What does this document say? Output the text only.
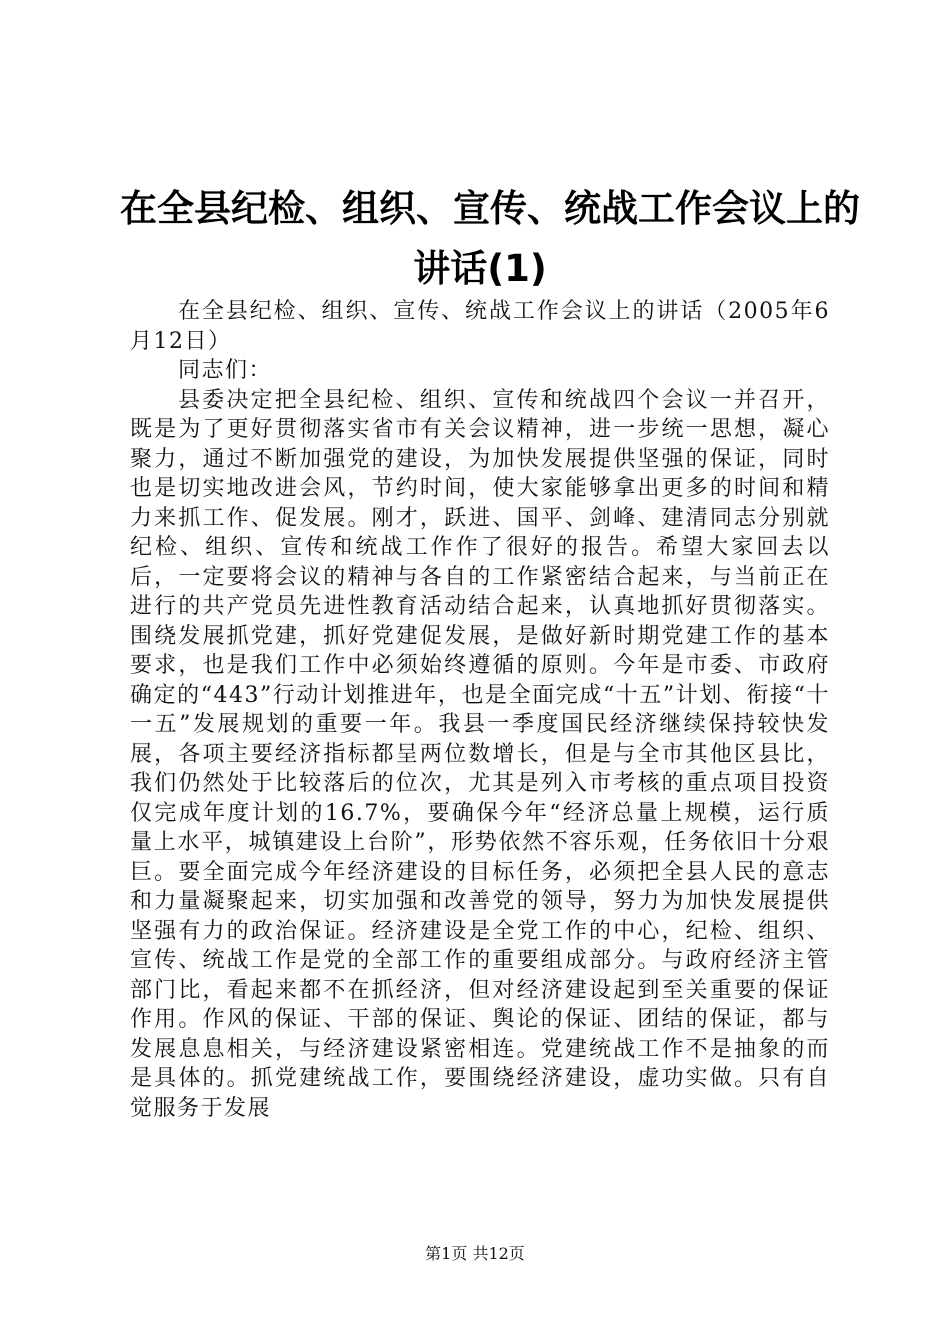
在全县纪检、组织、宣传、统战工作会议上的
讲话(1)

在全县纪检、组织、宣传、统战工作会议上的讲话（2005年6月12日）

同志们：

县委决定把全县纪检、组织、宣传和统战四个会议一并召开，既是为了更好贯彻落实省市有关会议精神，进一步统一思想，凝心聚力，通过不断加强党的建设，为加快发展提供坚强的保证，同时也是切实地改进会风，节约时间，使大家能够拿出更多的时间和精力来抓工作、促发展。刚才，跃进、国平、剑峰、建清同志分别就纪检、组织、宣传和统战工作作了很好的报告。希望大家回去以后，一定要将会议的精神与各自的工作紧密结合起来，与当前正在进行的共产党员先进性教育活动结合起来，认真地抓好贯彻落实。围绕发展抓党建，抓好党建促发展，是做好新时期党建工作的基本要求，也是我们工作中必须始终遵循的原则。今年是市委、市政府确定的“443”行动计划推进年，也是全面完成“十五”计划、衔接“十一五”发展规划的重要一年。我县一季度国民经济继续保持较快发展，各项主要经济指标都呈两位数增长，但是与全市其他区县比，我们仍然处于比较落后的位次，尤其是列入市考核的重点项目投资仅完成年度计划的16.7%，要确保今年“经济总量上规模，运行质量上水平，城镇建设上台阶”，形势依然不容乐观，任务依旧十分艰巨。要全面完成今年经济建设的目标任务，必须把全县人民的意志和力量凝聚起来，切实加强和改善党的领导，努力为加快发展提供坚强有力的政治保证。经济建设是全党工作的中心，纪检、组织、宣传、统战工作是党的全部工作的重要组成部分。与政府经济主管部门比，看起来都不在抓经济，但对经济建设起到至关重要的保证作用。作风的保证、干部的保证、舆论的保证、团结的保证，都与发展息息相关，与经济建设紧密相连。党建统战工作不是抽象的而是具体的。抓党建统战工作，要围绕经济建设，虚功实做。只有自觉服务于发展

第1页 共12页
